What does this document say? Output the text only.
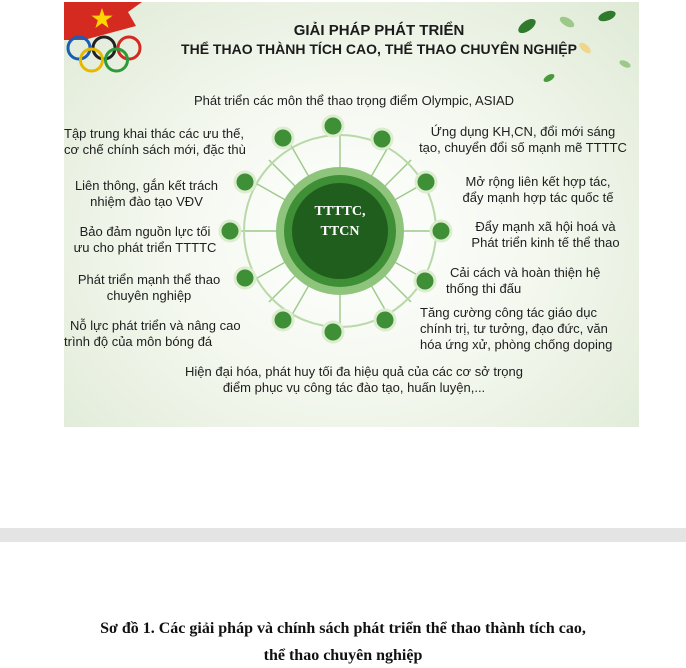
GIẢI PHÁP PHÁT TRIỂN

THỂ THAO THÀNH TÍCH CAO, THỂ THAO CHUYÊN NGHIỆP

TTTTC,
TTCN
Phát triển các môn thể thao trọng điểm Olympic, ASIAD
Tập trung khai thác các ưu thế,
cơ chế chính sách mới, đặc thù
Liên thông, gắn kết trách
nhiệm đào tạo VĐV
Bảo đảm nguồn lực tối
ưu cho phát triển TTTTC
Phát triển mạnh thể thao
chuyên nghiệp
Nỗ lực phát triển và nâng cao
trình độ của môn bóng đá
Ứng dụng KH,CN, đổi mới sáng
tạo, chuyển đổi số mạnh mẽ TTTTC
Mở rộng liên kết hợp tác,
đẩy mạnh hợp tác quốc tế
Đẩy mạnh xã hội hoá và
Phát triển kinh tế thể thao
Cải cách và hoàn thiện hệ
thống thi đấu
Tăng cường công tác giáo dục
chính trị, tư tưởng, đạo đức, văn
hóa ứng xử, phòng chống doping
Hiện đại hóa, phát huy tối đa hiệu quả của các cơ sở trọng
điểm phục vụ công tác đào tạo, huấn luyện,...

Sơ đồ 1. Các giải pháp và chính sách phát triển thể thao thành tích cao,

thể thao chuyên nghiệp
